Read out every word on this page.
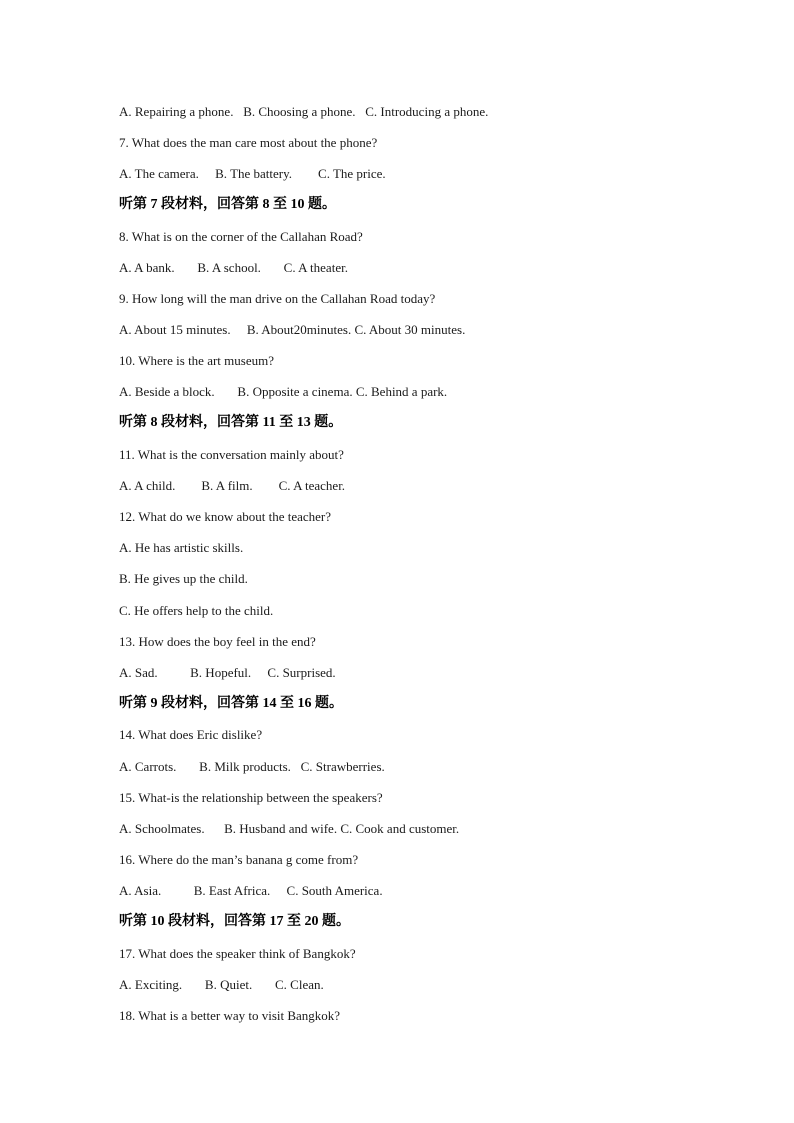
A. Repairing a phone.   B. Choosing a phone.   C. Introducing a phone.
7. What does the man care most about the phone?
A. The camera.     B. The battery.        C. The price.
听第 7 段材料，回答第 8 至 10 题。
8. What is on the corner of the Callahan Road?
A. A bank.       B. A school.       C. A theater.
9. How long will the man drive on the Callahan Road today?
A. About 15 minutes.     B. About20minutes. C. About 30 minutes.
10. Where is the art museum?
A. Beside a block.       B. Opposite a cinema. C. Behind a park.
听第 8 段材料，回答第 11 至 13 题。
11. What is the conversation mainly about?
A. A child.        B. A film.        C. A teacher.
12. What do we know about the teacher?
A. He has artistic skills.
B. He gives up the child.
C. He offers help to the child.
13. How does the boy feel in the end?
A. Sad.          B. Hopeful.     C. Surprised.
听第 9 段材料，回答第 14 至 16 题。
14. What does Eric dislike?
A. Carrots.       B. Milk products.   C. Strawberries.
15. What-is the relationship between the speakers?
A. Schoolmates.      B. Husband and wife. C. Cook and customer.
16. Where do the man’s banana g come from?
A. Asia.          B. East Africa.     C. South America.
听第 10 段材料，回答第 17 至 20 题。
17. What does the speaker think of Bangkok?
A. Exciting.       B. Quiet.       C. Clean.
18. What is a better way to visit Bangkok?
